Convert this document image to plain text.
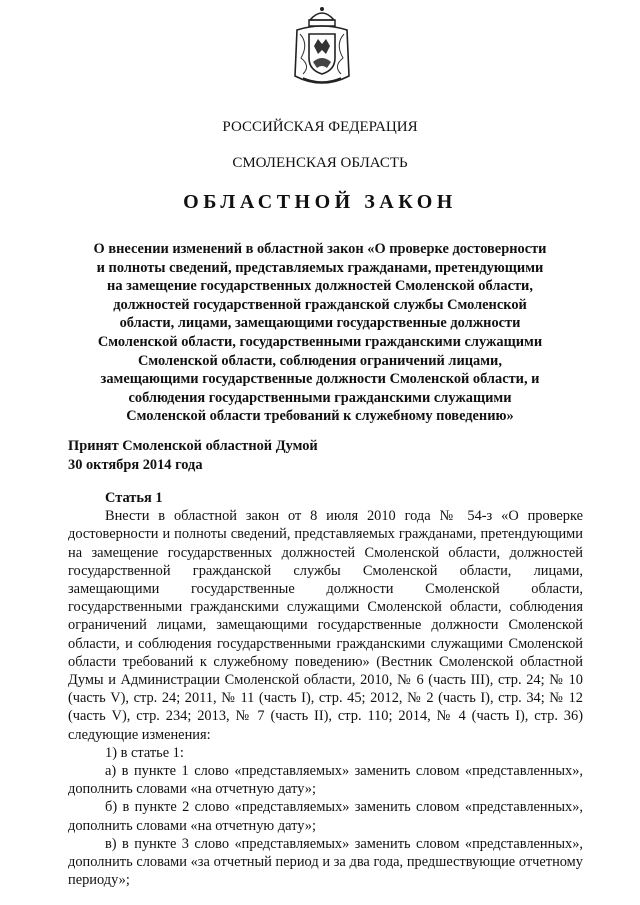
РОССИЙСКАЯ ФЕДЕРАЦИЯ
СМОЛЕНСКАЯ ОБЛАСТЬ
ОБЛАСТНОЙ ЗАКОН
О внесении изменений в областной закон «О проверке достоверности и полноты сведений, представляемых гражданами, претендующими на замещение государственных должностей Смоленской области, должностей государственной гражданской службы Смоленской области, лицами, замещающими государственные должности Смоленской области, государственными гражданскими служащими Смоленской области, соблюдения ограничений лицами, замещающими государственные должности Смоленской области, и соблюдения государственными гражданскими служащими Смоленской области требований к служебному поведению»
Принят Смоленской областной Думой
30 октября 2014 года

Статья 1

Внести в областной закон от 8 июля 2010 года № 54-з «О проверке достоверности и полноты сведений, представляемых гражданами, претендующими на замещение государственных должностей Смоленской области, должностей государственной гражданской службы Смоленской области, лицами, замещающими государственные должности Смоленской области, государственными гражданскими служащими Смоленской области, соблюдения ограничений лицами, замещающими государственные должности Смоленской области, и соблюдения государственными гражданскими служащими Смоленской области требований к служебному поведению» (Вестник Смоленской областной Думы и Администрации Смоленской области, 2010, № 6 (часть III), стр. 24; № 10 (часть V), стр. 24; 2011, № 11 (часть I), стр. 45; 2012, № 2 (часть I), стр. 34; № 12 (часть V), стр. 234; 2013, № 7 (часть II), стр. 110; 2014, № 4 (часть I), стр. 36) следующие изменения:

1) в статье 1:

а) в пункте 1 слово «представляемых» заменить словом «представленных», дополнить словами «на отчетную дату»;

б) в пункте 2 слово «представляемых» заменить словом «представленных», дополнить словами «на отчетную дату»;

в) в пункте 3 слово «представляемых» заменить словом «представленных», дополнить словами «за отчетный период и за два года, предшествующие отчетному периоду»;
